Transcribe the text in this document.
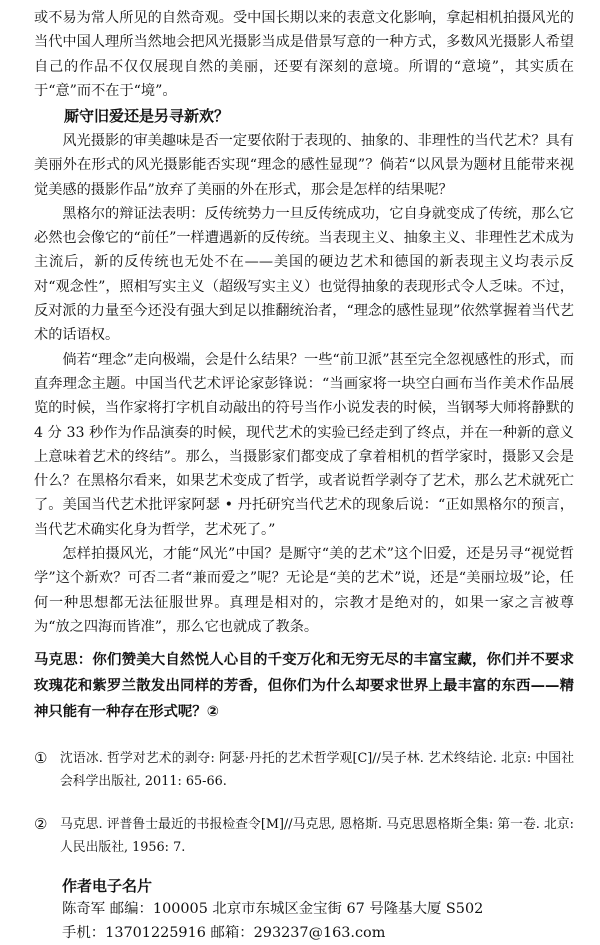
或不易为常人所见的自然奇观。受中国长期以来的表意文化影响，拿起相机拍摄风光的当代中国人理所当然地会把风光摄影当成是借景写意的一种方式，多数风光摄影人希望自己的作品不仅仅展现自然的美丽，还要有深刻的意境。所谓的“意境”，其实质在于“意”而不在于“境”。

厮守旧爱还是另寻新欢？

风光摄影的审美趣味是否一定要依附于表现的、抽象的、非理性的当代艺术？具有美丽外在形式的风光摄影能否实现“理念的感性显现”？倘若“以风景为题材且能带来视觉美感的摄影作品”放弃了美丽的外在形式，那会是怎样的结果呢？

黑格尔的辩证法表明：反传统势力一旦反传统成功，它自身就变成了传统，那么它必然也会像它的“前任”一样遭遇新的反传统。当表现主义、抽象主义、非理性艺术成为主流后，新的反传统也无处不在——美国的硬边艺术和德国的新表现主义均表示反对“观念性”，照相写实主义（超级写实主义）也觉得抽象的表现形式令人乏味。不过，反对派的力量至今还没有强大到足以推翻统治者，“理念的感性显现”依然掌握着当代艺术的话语权。

倘若“理念”走向极端，会是什么结果？一些“前卫派”甚至完全忽视感性的形式，而直奔理念主题。中国当代艺术评论家彭锋说：“当画家将一块空白画布当作美术作品展览的时候，当作家将打字机自动敲出的符号当作小说发表的时候，当钢琴大师将静默的 4 分 33 秒作为作品演奏的时候，现代艺术的实验已经走到了终点，并在一种新的意义上意味着艺术的终结”。那么，当摄影家们都变成了拿着相机的哲学家时，摄影又会是什么？在黑格尔看来，如果艺术变成了哲学，或者说哲学剥夺了艺术，那么艺术就死亡了。美国当代艺术批评家阿瑟 • 丹托研究当代艺术的现象后说：“正如黑格尔的预言，当代艺术确实化身为哲学，艺术死了。”

怎样拍摄风光，才能“风光”中国？是厮守“美的艺术”这个旧爱，还是另寻“视觉哲学”这个新欢？可否二者“兼而爱之”呢？无论是“美的艺术”说，还是“美丽垃圾”论，任何一种思想都无法征服世界。真理是相对的，宗教才是绝对的，如果一家之言被尊为“放之四海而皆准”，那么它也就成了教条。

马克思：你们赞美大自然悦人心目的千变万化和无穷无尽的丰富宝藏，你们并不要求玫瑰花和紫罗兰散发出同样的芳香，但你们为什么却要求世界上最丰富的东西——精神只能有一种存在形式呢？②

① 沈语冰. 哲学对艺术的剥夺: 阿瑟·丹托的艺术哲学观[C]//吴子林. 艺术终结论. 北京: 中国社会科学出版社, 2011: 65-66.
② 马克思. 评普鲁士最近的书报检查令[M]//马克思, 恩格斯. 马克思恩格斯全集: 第一卷. 北京: 人民出版社, 1956: 7.

作者电子名片

陈奇军 邮编：100005 北京市东城区金宝街 67 号隆基大厦 S502

手机：13701225916 邮箱：293237@163.com
